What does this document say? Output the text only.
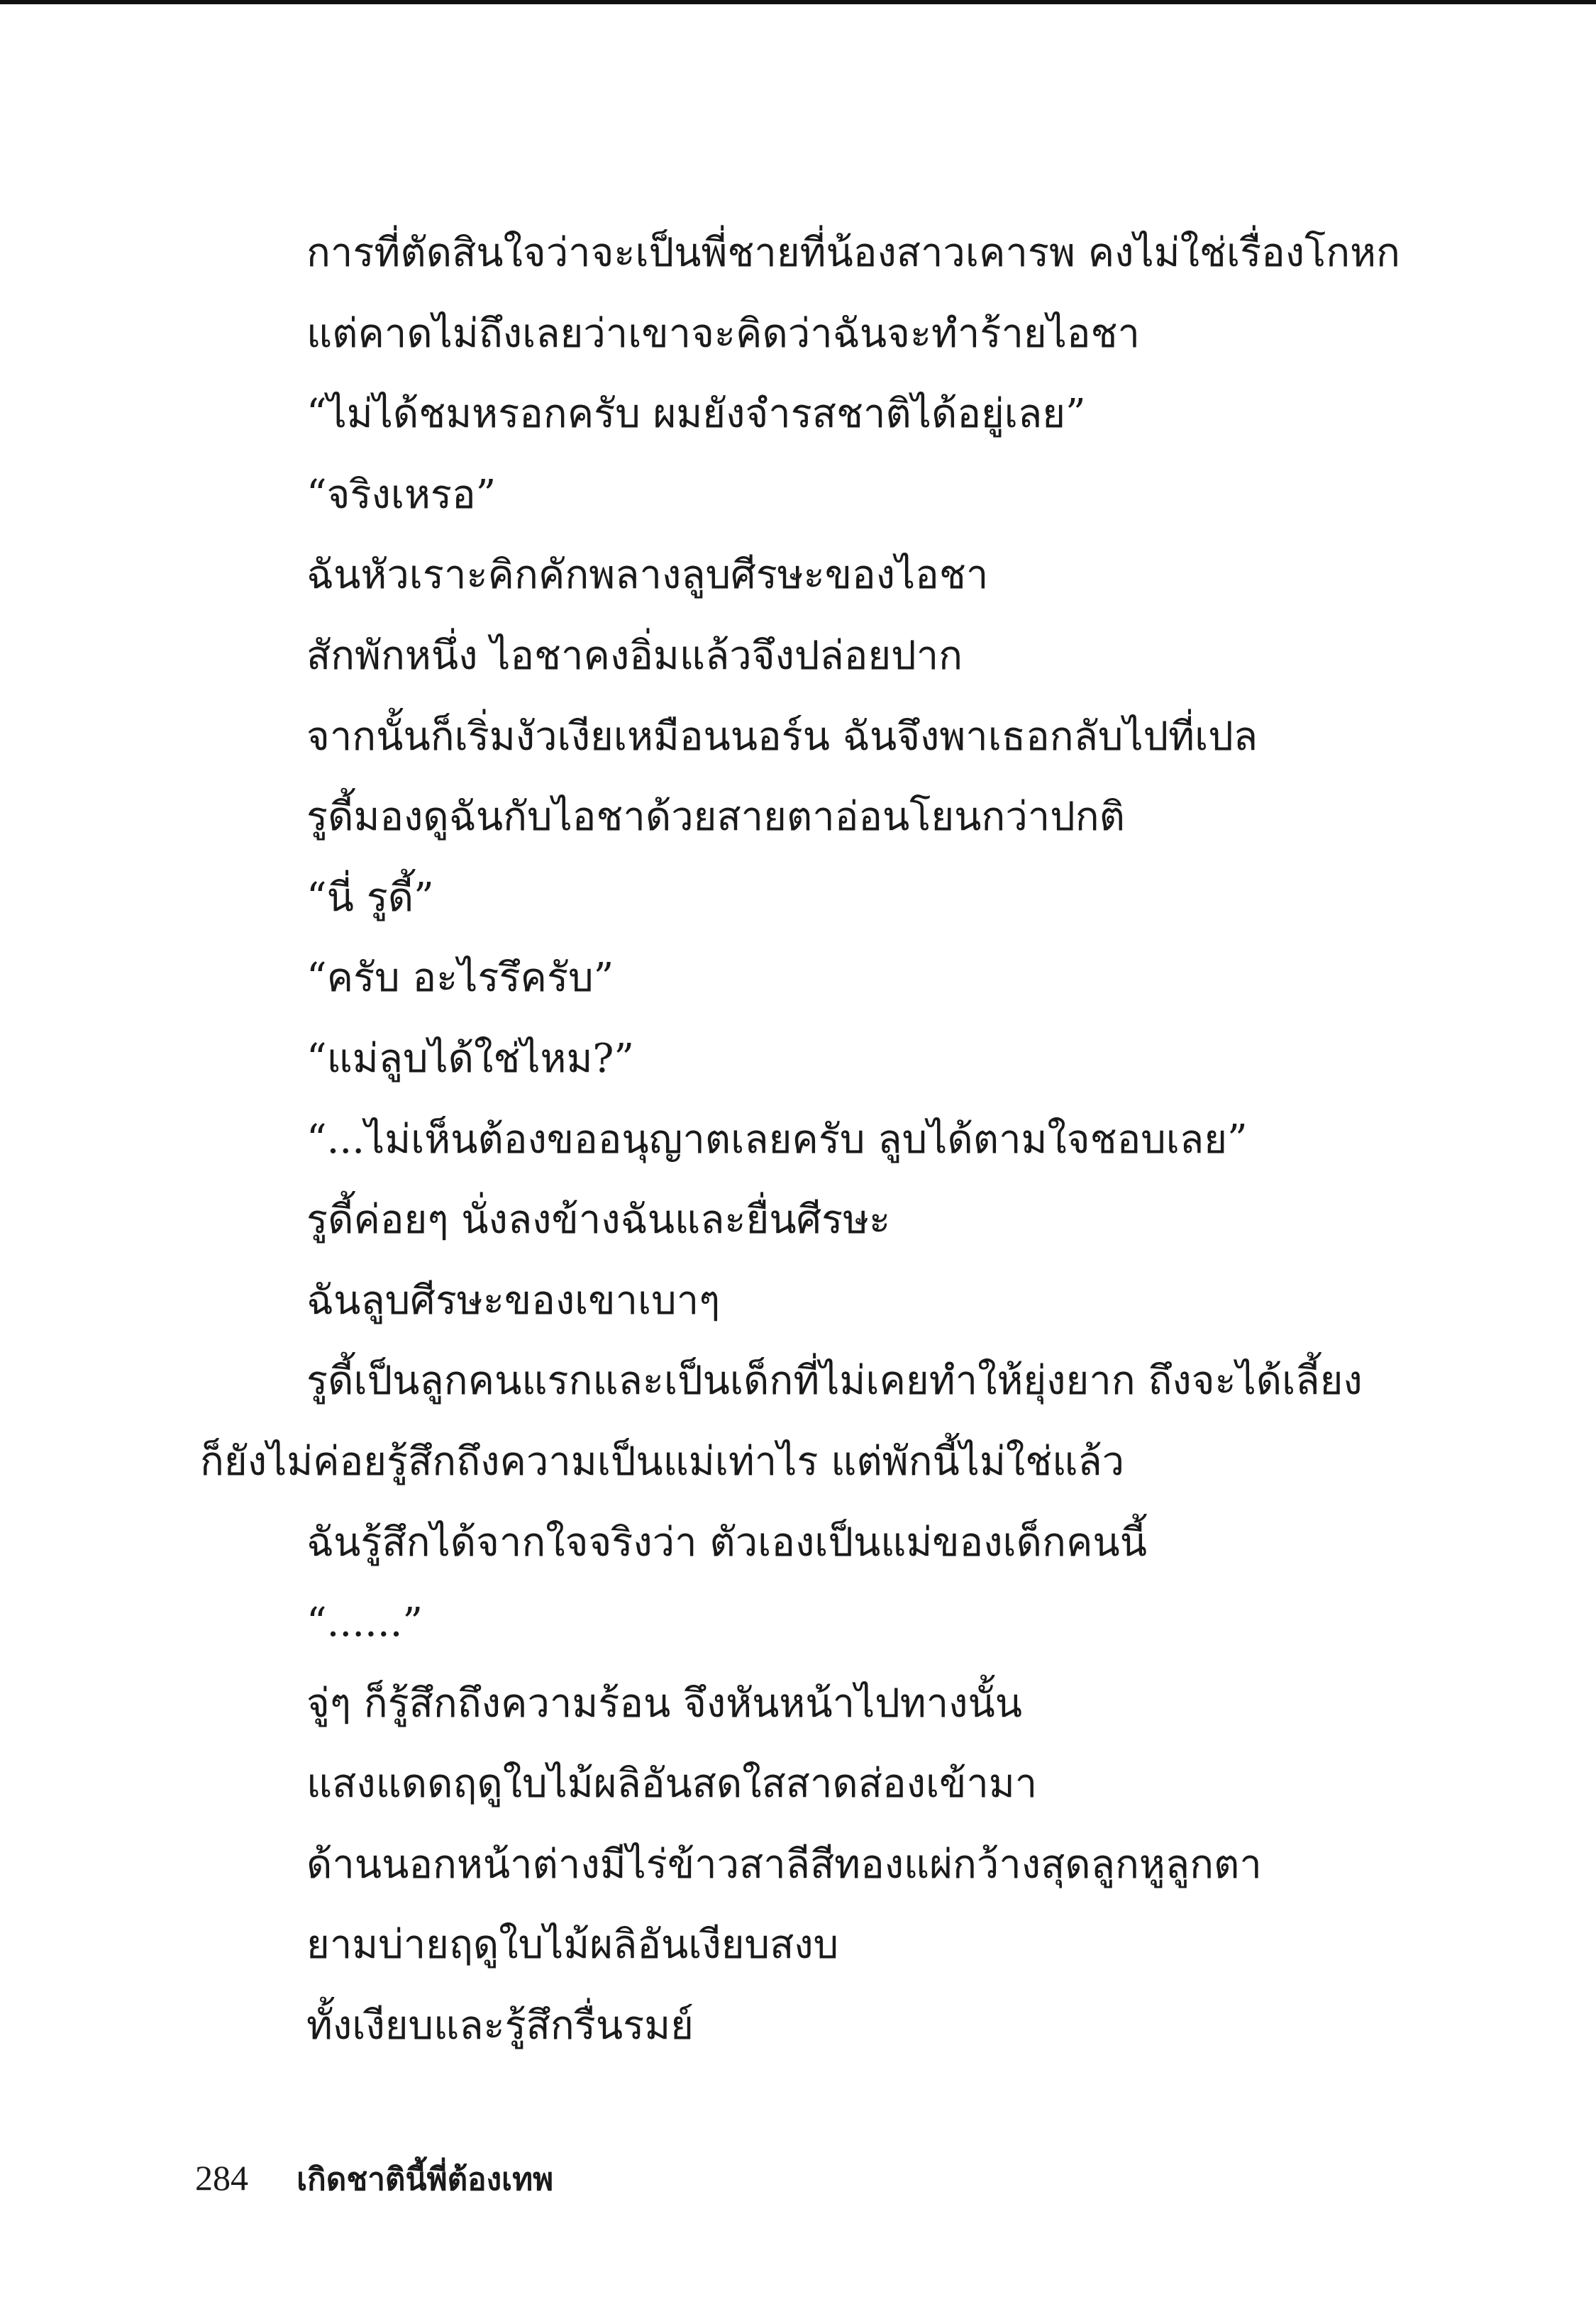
การที่ตัดสินใจว่าจะเป็นพี่ชายที่น้องสาวเคารพ คงไม่ใช่เรื่องโกหก
แต่คาดไม่ถึงเลยว่าเขาจะคิดว่าฉันจะทำร้ายไอชา
“ไม่ได้ชมหรอกครับ ผมยังจำรสชาติได้อยู่เลย”
“จริงเหรอ”
ฉันหัวเราะคิกคักพลางลูบศีรษะของไอชา
สักพักหนึ่ง ไอชาคงอิ่มแล้วจึงปล่อยปาก
จากนั้นก็เริ่มงัวเงียเหมือนนอร์น ฉันจึงพาเธอกลับไปที่เปล
รูดี้มองดูฉันกับไอชาด้วยสายตาอ่อนโยนกว่าปกติ
“นี่ รูดี้”
“ครับ อะไรรึครับ”
“แม่ลูบได้ใช่ไหม?”
“...ไม่เห็นต้องขออนุญาตเลยครับ ลูบได้ตามใจชอบเลย”
รูดี้ค่อยๆ นั่งลงข้างฉันและยื่นศีรษะ
ฉันลูบศีรษะของเขาเบาๆ
รูดี้เป็นลูกคนแรกและเป็นเด็กที่ไม่เคยทำให้ยุ่งยาก ถึงจะได้เลี้ยง
ก็ยังไม่ค่อยรู้สึกถึงความเป็นแม่เท่าไร แต่พักนี้ไม่ใช่แล้ว
ฉันรู้สึกได้จากใจจริงว่า ตัวเองเป็นแม่ของเด็กคนนี้
“......”
จู่ๆ ก็รู้สึกถึงความร้อน จึงหันหน้าไปทางนั้น
แสงแดดฤดูใบไม้ผลิอันสดใสสาดส่องเข้ามา
ด้านนอกหน้าต่างมีไร่ข้าวสาลีสีทองแผ่กว้างสุดลูกหูลูกตา
ยามบ่ายฤดูใบไม้ผลิอันเงียบสงบ
ทั้งเงียบและรู้สึกรื่นรมย์
284 เกิดชาตินี้พี่ต้องเทพ
